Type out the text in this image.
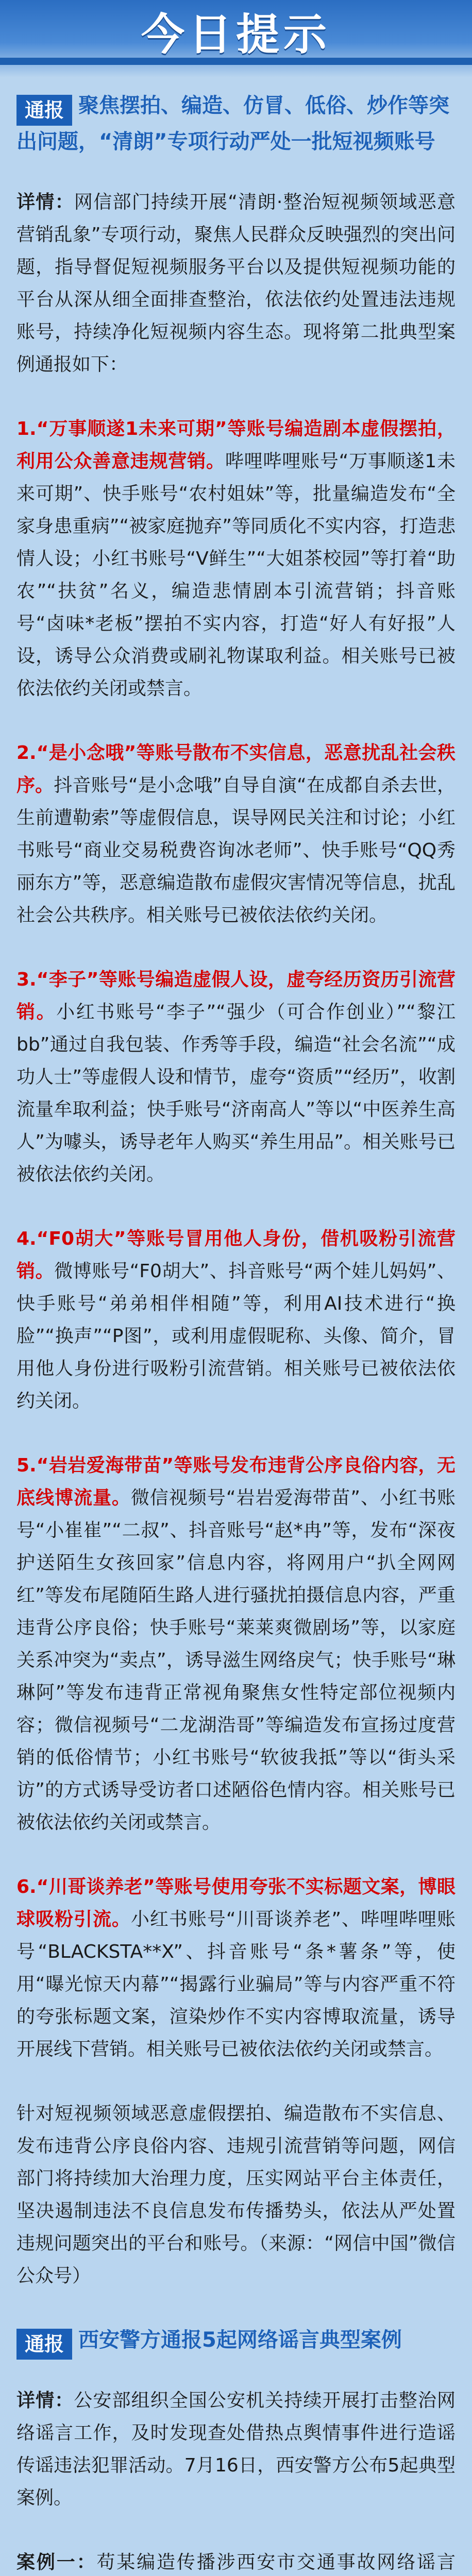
今日提示
通报 聚焦摆拍、编造、仿冒、低俗、炒作等突出问题，“清朗”专项行动严处一批短视频账号

详情：网信部门持续开展“清朗·整治短视频领域恶意营销乱象”专项行动，聚焦人民群众反映强烈的突出问题，指导督促短视频服务平台以及提供短视频功能的平台从深从细全面排查整治，依法依约处置违法违规账号，持续净化短视频内容生态。现将第二批典型案例通报如下：

1.“万事顺遂1未来可期”等账号编造剧本虚假摆拍，利用公众善意违规营销。哔哩哔哩账号“万事顺遂1未来可期”、快手账号“农村姐妹”等，批量编造发布“全家身患重病”“被家庭抛弃”等同质化不实内容，打造悲情人设；小红书账号“V鲜生”“大姐茶校园”等打着“助农”“扶贫”名义，编造悲情剧本引流营销；抖音账号“卤味*老板”摆拍不实内容，打造“好人有好报”人设，诱导公众消费或刷礼物谋取利益。相关账号已被依法依约关闭或禁言。

2.“是小念哦”等账号散布不实信息，恶意扰乱社会秩序。抖音账号“是小念哦”自导自演“在成都自杀去世，生前遭勒索”等虚假信息，误导网民关注和讨论；小红书账号“商业交易税费咨询冰老师”、快手账号“QQ秀丽东方”等，恶意编造散布虚假灾害情况等信息，扰乱社会公共秩序。相关账号已被依法依约关闭。

3.“李子”等账号编造虚假人设，虚夸经历资历引流营销。小红书账号“李子”“强少（可合作创业）”“黎江bb”通过自我包装、作秀等手段，编造“社会名流”“成功人士”等虚假人设和情节，虚夸“资质”“经历”，收割流量牟取利益；快手账号“济南高人”等以“中医养生高人”为噱头，诱导老年人购买“养生用品”。相关账号已被依法依约关闭。

4.“F0胡大”等账号冒用他人身份，借机吸粉引流营销。微博账号“F0胡大”、抖音账号“两个娃儿妈妈”、快手账号“弟弟相伴相随”等，利用AI技术进行“换脸”“换声”“P图”，或利用虚假昵称、头像、简介，冒用他人身份进行吸粉引流营销。相关账号已被依法依约关闭。

5.“岩岩爱海带苗”等账号发布违背公序良俗内容，无底线博流量。微信视频号“岩岩爱海带苗”、小红书账号“小崔崔”“二叔”、抖音账号“赵*冉”等，发布“深夜护送陌生女孩回家”信息内容，将网用户“扒全网网红”等发布尾随陌生路人进行骚扰拍摄信息内容，严重违背公序良俗；快手账号“莱莱爽微剧场”等，以家庭关系冲突为“卖点”，诱导滋生网络戾气；快手账号“琳琳阿”等发布违背正常视角聚焦女性特定部位视频内容；微信视频号“二龙湖浩哥”等编造发布宣扬过度营销的低俗情节；小红书账号“软彼我抵”等以“街头采访”的方式诱导受访者口述陋俗色情内容。相关账号已被依法依约关闭或禁言。

6.“川哥谈养老”等账号使用夸张不实标题文案，博眼球吸粉引流。小红书账号“川哥谈养老”、哔哩哔哩账号“BLACKSTA**X”、抖音账号“条*薯条”等，使用“曝光惊天内幕”“揭露行业骗局”等与内容严重不符的夸张标题文案，渲染炒作不实内容博取流量，诱导开展线下营销。相关账号已被依法依约关闭或禁言。

针对短视频领域恶意虚假摆拍、编造散布不实信息、发布违背公序良俗内容、违规引流营销等问题，网信部门将持续加大治理力度，压实网站平台主体责任，坚决遏制违法不良信息发布传播势头，依法从严处置违规问题突出的平台和账号。（来源：“网信中国”微信公众号）

通报 西安警方通报5起网络谣言典型案例

详情：公安部组织全国公安机关持续开展打击整治网络谣言工作，及时发现查处借热点舆情事件进行造谣传谣违法犯罪活动。7月16日，西安警方公布5起典型案例。

案例一：苟某编造传播涉西安市交通事故网络谣言
